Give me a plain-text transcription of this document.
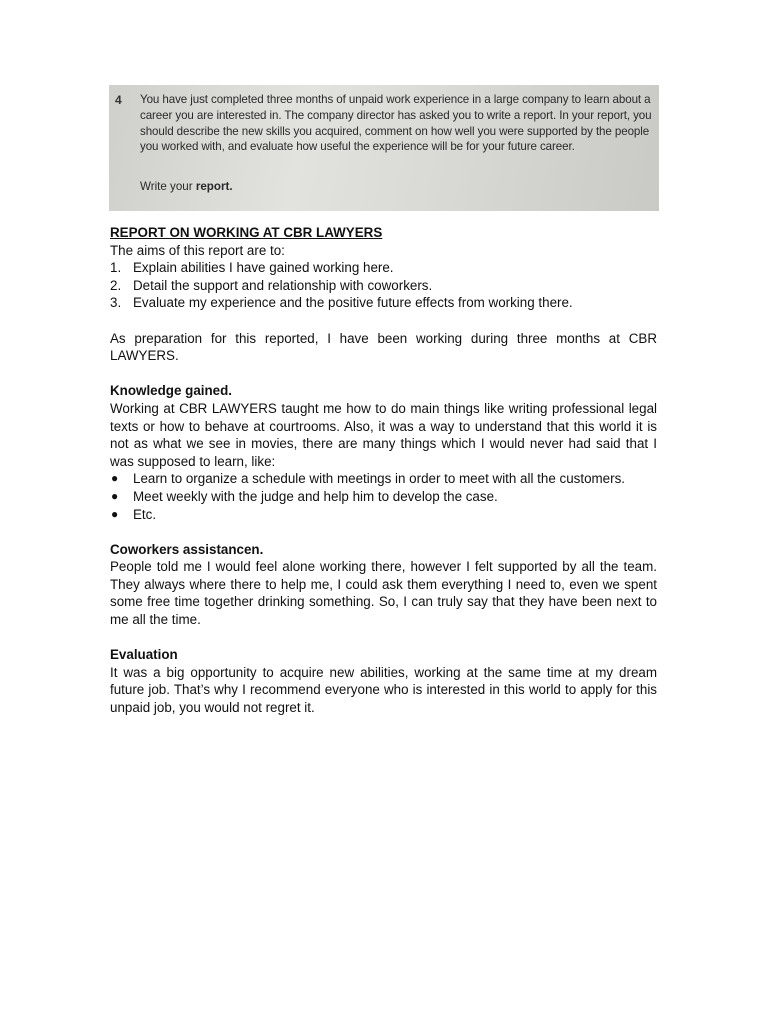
4 You have just completed three months of unpaid work experience in a large company to learn about a career you are interested in. The company director has asked you to write a report. In your report, you should describe the new skills you acquired, comment on how well you were supported by the people you worked with, and evaluate how useful the experience will be for your future career.
Write your report.

REPORT ON WORKING AT CBR LAWYERS

The aims of this report are to:

1. Explain abilities I have gained working here.
2. Detail the support and relationship with coworkers.
3. Evaluate my experience and the positive future effects from working there.

As preparation for this reported, I have been working during three months at CBR LAWYERS.

Knowledge gained.

Working at CBR LAWYERS taught me how to do main things like writing professional legal texts or how to behave at courtrooms. Also, it was a way to understand that this world it is not as what we see in movies, there are many things which I would never had said that I was supposed to learn, like:

● Learn to organize a schedule with meetings in order to meet with all the customers.
● Meet weekly with the judge and help him to develop the case.
● Etc.

Coworkers assistancen.

People told me I would feel alone working there, however I felt supported by all the team. They always where there to help me, I could ask them everything I need to, even we spent some free time together drinking something. So, I can truly say that they have been next to me all the time.

Evaluation

It was a big opportunity to acquire new abilities, working at the same time at my dream future job. That’s why I recommend everyone who is interested in this world to apply for this unpaid job, you would not regret it.
